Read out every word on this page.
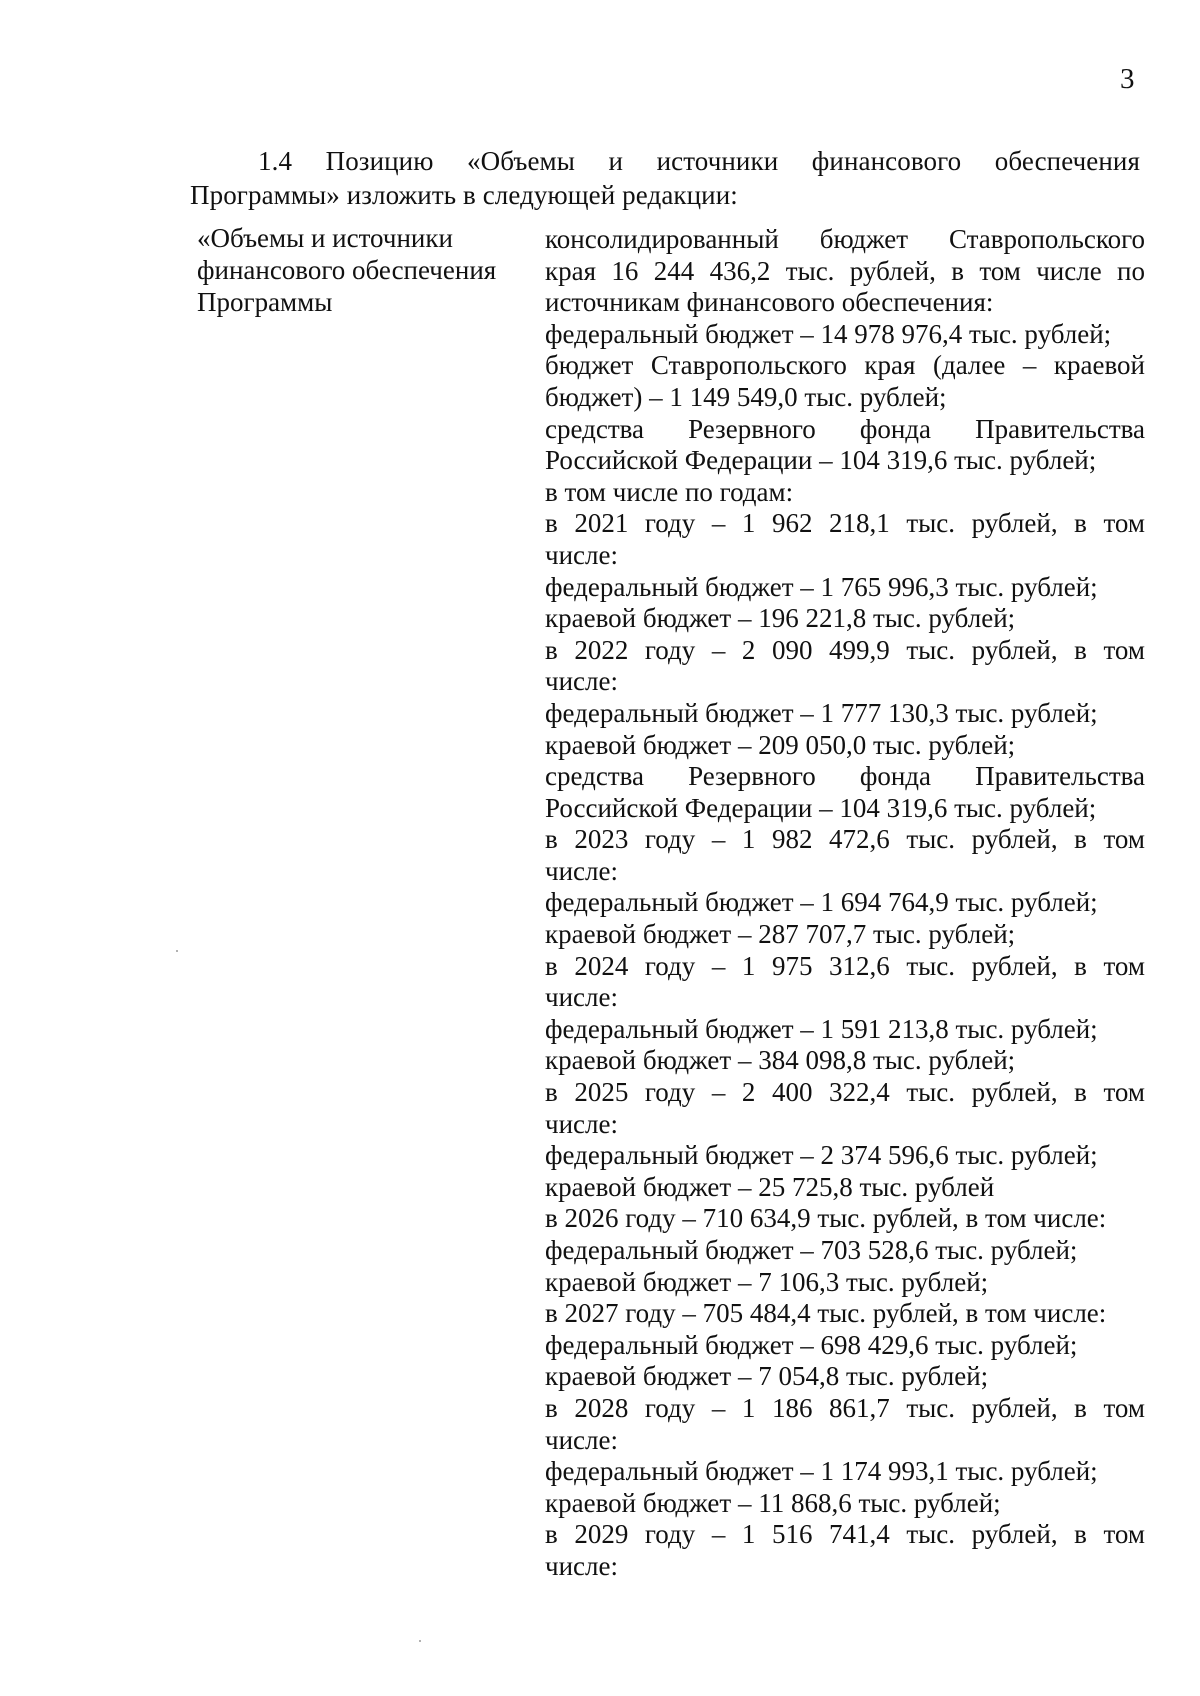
3
1.4 Позицию «Объемы и источники финансового обеспечения
Программы» изложить в следующей редакции:
«Объемы и источники
финансового обеспечения
Программы
консолидированный бюджет Ставропольского
края 16 244 436,2 тыс. рублей, в том числе по
источникам финансового обеспечения:
федеральный бюджет – 14 978 976,4 тыс. рублей;
бюджет Ставропольского края (далее – краевой
бюджет) – 1 149 549,0 тыс. рублей;
средства Резервного фонда Правительства
Российской Федерации – 104 319,6 тыс. рублей;
в том числе по годам:
в 2021 году – 1 962 218,1 тыс. рублей, в том
числе:
федеральный бюджет – 1 765 996,3 тыс. рублей;
краевой бюджет – 196 221,8 тыс. рублей;
в 2022 году – 2 090 499,9 тыс. рублей, в том
числе:
федеральный бюджет – 1 777 130,3 тыс. рублей;
краевой бюджет – 209 050,0 тыс. рублей;
средства Резервного фонда Правительства
Российской Федерации – 104 319,6 тыс. рублей;
в 2023 году – 1 982 472,6 тыс. рублей, в том
числе:
федеральный бюджет – 1 694 764,9 тыс. рублей;
краевой бюджет – 287 707,7 тыс. рублей;
в 2024 году – 1 975 312,6 тыс. рублей, в том
числе:
федеральный бюджет – 1 591 213,8 тыс. рублей;
краевой бюджет – 384 098,8 тыс. рублей;
в 2025 году – 2 400 322,4 тыс. рублей, в том
числе:
федеральный бюджет – 2 374 596,6 тыс. рублей;
краевой бюджет – 25 725,8 тыс. рублей
в 2026 году – 710 634,9 тыс. рублей, в том числе:
федеральный бюджет – 703 528,6 тыс. рублей;
краевой бюджет – 7 106,3 тыс. рублей;
в 2027 году – 705 484,4 тыс. рублей, в том числе:
федеральный бюджет – 698 429,6 тыс. рублей;
краевой бюджет – 7 054,8 тыс. рублей;
в 2028 году – 1 186 861,7 тыс. рублей, в том
числе:
федеральный бюджет – 1 174 993,1 тыс. рублей;
краевой бюджет – 11 868,6 тыс. рублей;
в 2029 году – 1 516 741,4 тыс. рублей, в том
числе:
